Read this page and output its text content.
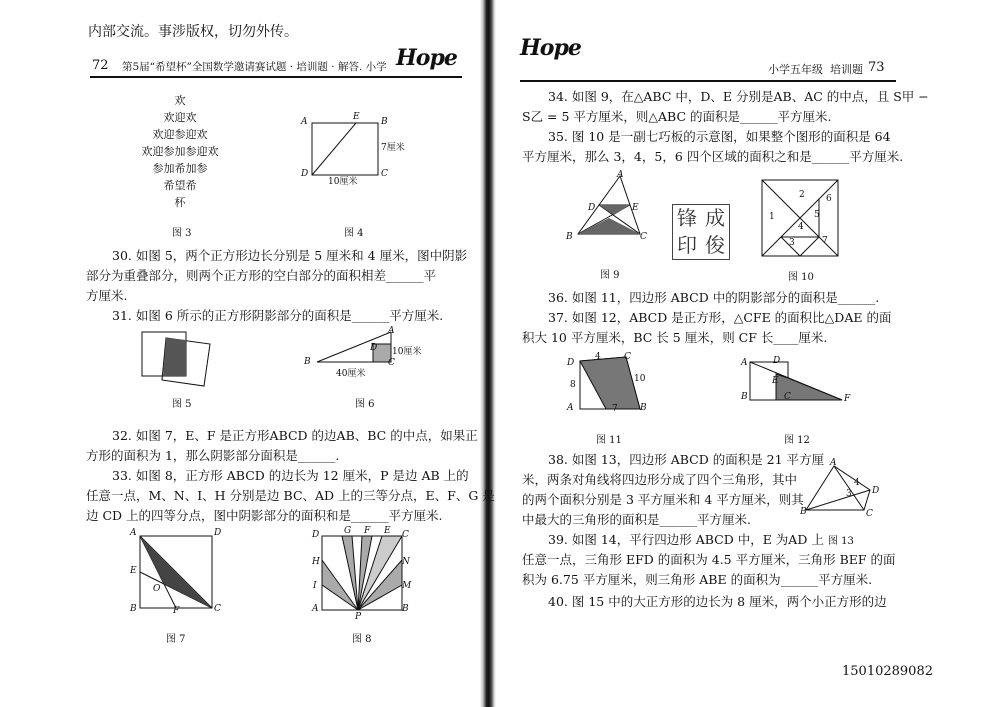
内部交流。事涉版权，切勿外传。
72 第5届“希望杯”全国数学邀请赛试题 · 培训题 · 解答. 小学 Hope
欢
欢迎欢
欢迎参迎欢
欢迎参加参迎欢
参加希加参
希望希
杯
图 3
A	E B
D	C
7厘米
10厘米
图 4
30. 如图 5，两个正方形边长分别是 5 厘米和 4 厘米，图中阴影
部分为重叠部分，则两个正方形的空白部分的面积相差______平
方厘米.
31. 如图 6 所示的正方形阴影部分的面积是______平方厘米.
图 5
B
A
C
D 10厘米
40厘米
图 6
32. 如图 7，E、F 是正方形ABCD 的边AB、BC 的中点，如果正
方形的面积为 1，那么阴影部分面积是______.
33. 如图 8，正方形 ABCD 的边长为 12 厘米，P 是边 AB 上的
任意一点，M、N、I、H 分别是边 BC、AD 上的三等分点，E、F、G 是
边 CD 上的四等分点，图中阴影部分的面积和是______平方厘米.
A
E
B
O
F	C
D
图 7
G F E
D	C
H
I
A
N
M
B
P
图 8
Hope
小学五年级 培训题 73
34. 如图 9，在△ABC 中，D、E 分别是AB、AC 的中点，且 S甲 −
S乙 = 5 平方厘米，则△ABC 的面积是______平方厘米.
35. 图 10 是一副七巧板的示意图，如果整个图形的面积是 64
平方厘米，那么 3，4，5，6 四个区域的面积之和是______平方厘米.
A
D	E
B	C
图 9
锋 成
印 俊
1
2
3
4
5
6
7
图 10
36. 如图 11，四边形 ABCD 中的阴影部分的面积是______.
37. 如图 12，ABCD 是正方形，△CFE 的面积比△DAE 的面
积大 10 平方厘米，BC 长 5 厘米，则 CF 长____厘米.
D
C
A	B
4
8
10
7
图 11
A	D
E
B	C	F
图 12
38. 如图 13，四边形 ABCD 的面积是 21 平方厘
米，两条对角线将四边形分成了四个三角形，其中
的两个面积分别是 3 平方厘米和 4 平方厘米，则其
中最大的三角形的面积是______平方厘米.
A
B	C
D
3
4
图 13
39. 如图 14，平行四边形 ABCD 中，E 为AD 上
任意一点，三角形 EFD 的面积为 4.5 平方厘米，三角形 BEF 的面
积为 6.75 平方厘米，则三角形 ABE 的面积为______平方厘米.
40. 图 15 中的大正方形的边长为 8 厘米，两个小正方形的边
15010289082
